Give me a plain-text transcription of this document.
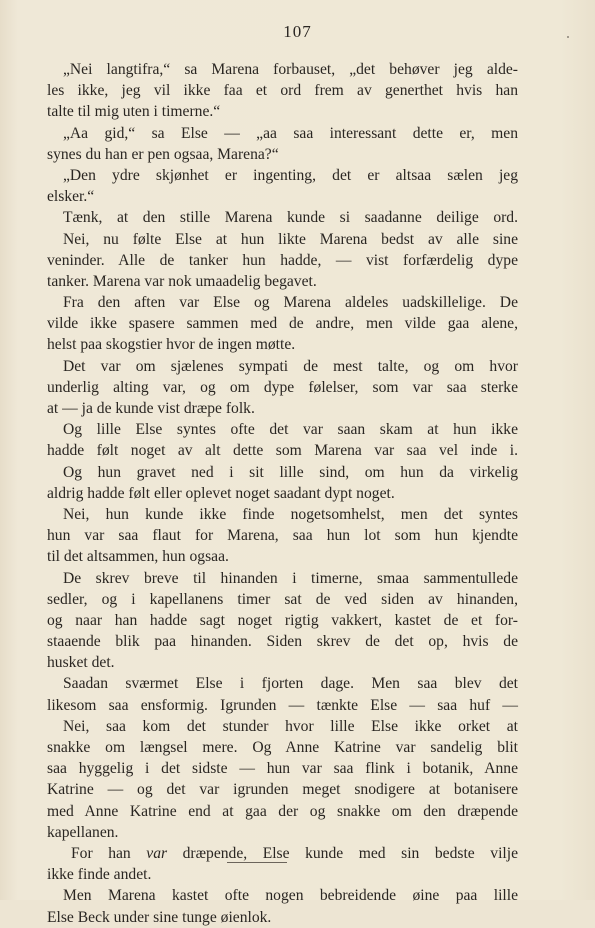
107
„Nei langtifra,“ sa Marena forbauset, „det behøver jeg alde-
les ikke, jeg vil ikke faa et ord frem av generthet hvis han
talte til mig uten i timerne.“
„Aa gid,“ sa Else — „aa saa interessant dette er, men
synes du han er pen ogsaa, Marena?“
„Den ydre skjønhet er ingenting, det er altsaa sælen jeg
elsker.“
Tænk, at den stille Marena kunde si saadanne deilige ord.
Nei, nu følte Else at hun likte Marena bedst av alle sine
veninder. Alle de tanker hun hadde, — vist forfærdelig dype
tanker. Marena var nok umaadelig begavet.
Fra den aften var Else og Marena aldeles uadskillelige. De
vilde ikke spasere sammen med de andre, men vilde gaa alene,
helst paa skogstier hvor de ingen møtte.
Det var om sjælenes sympati de mest talte, og om hvor
underlig alting var, og om dype følelser, som var saa sterke
at — ja de kunde vist dræpe folk.
Og lille Else syntes ofte det var saan skam at hun ikke
hadde følt noget av alt dette som Marena var saa vel inde i.
Og hun gravet ned i sit lille sind, om hun da virkelig
aldrig hadde følt eller oplevet noget saadant dypt noget.
Nei, hun kunde ikke finde nogetsomhelst, men det syntes
hun var saa flaut for Marena, saa hun lot som hun kjendte
til det altsammen, hun ogsaa.
De skrev breve til hinanden i timerne, smaa sammentullede
sedler, og i kapellanens timer sat de ved siden av hinanden,
og naar han hadde sagt noget rigtig vakkert, kastet de et for-
staaende blik paa hinanden. Siden skrev de det op, hvis de
husket det.
Saadan sværmet Else i fjorten dage. Men saa blev det
likesom saa ensformig. Igrunden — tænkte Else — saa huf —
Nei, saa kom det stunder hvor lille Else ikke orket at
snakke om længsel mere. Og Anne Katrine var sandelig blit
saa hyggelig i det sidste — hun var saa flink i botanik, Anne
Katrine — og det var igrunden meget snodigere at botanisere
med Anne Katrine end at gaa der og snakke om den dræpende
kapellanen.
For han var dræpende, Else kunde med sin bedste vilje
ikke finde andet.
Men Marena kastet ofte nogen bebreidende øine paa lille
Else Beck under sine tunge øienlok.
